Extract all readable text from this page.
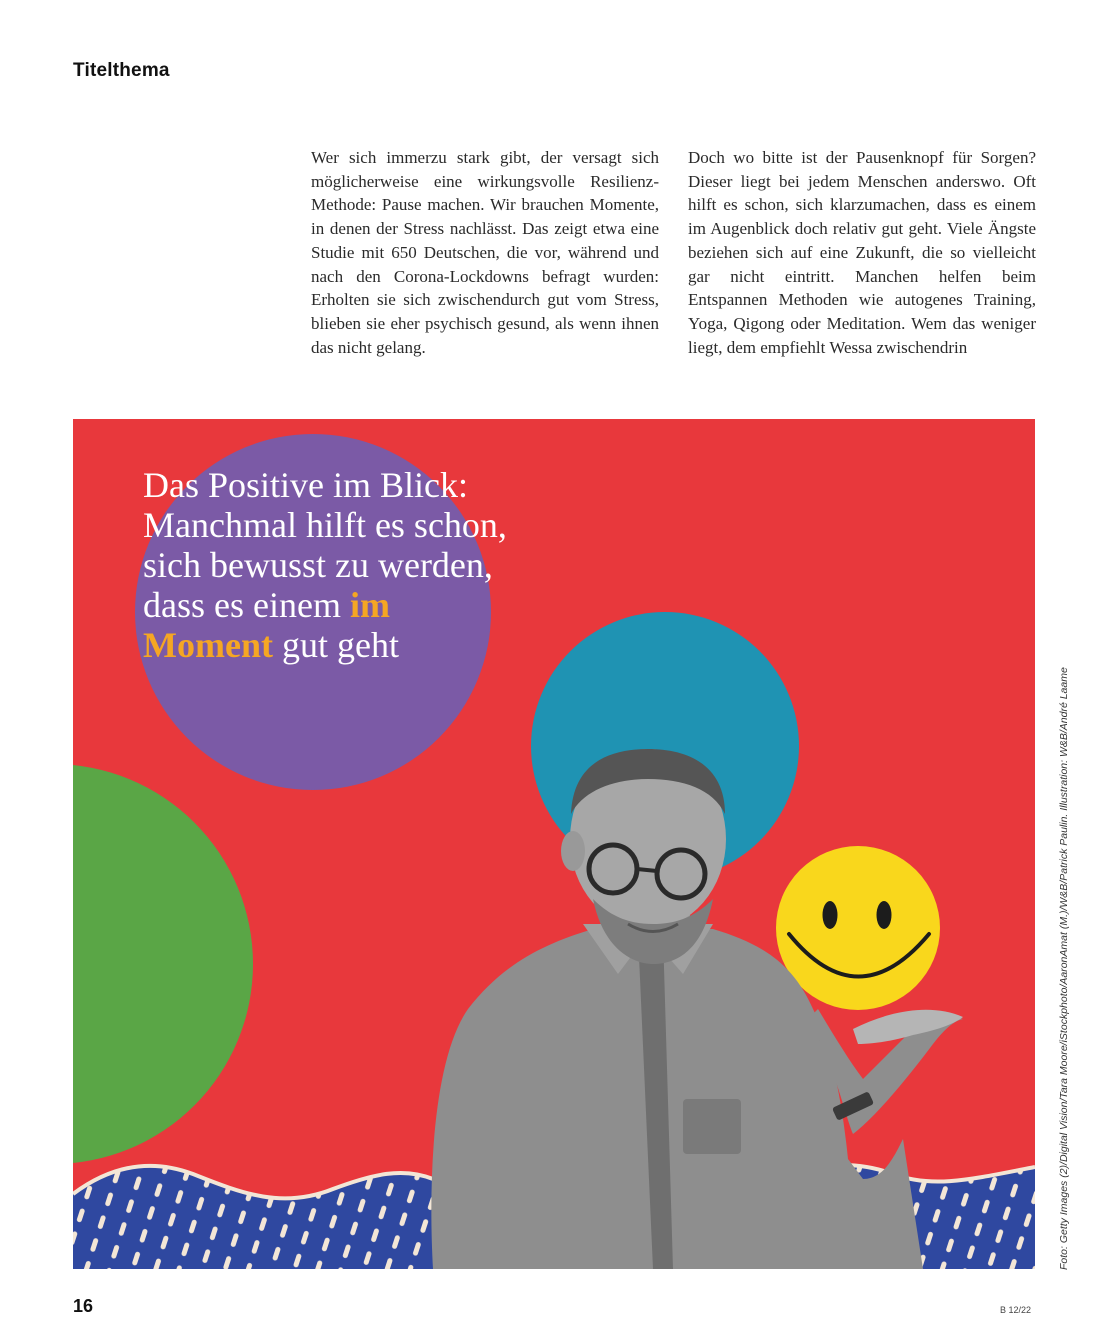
Titelthema

Wer sich immerzu stark gibt, der versagt sich möglicherweise eine wirkungsvolle Resilienz-Methode: Pause machen. Wir brauchen Momente, in denen der Stress nachlässt. Das zeigt etwa eine Studie mit 650 Deutschen, die vor, während und nach den Corona-Lockdowns befragt wurden: Erholten sie sich zwischendurch gut vom Stress, blieben sie eher psychisch gesund, als wenn ihnen das nicht gelang.

Doch wo bitte ist der Pausenknopf für Sorgen? Dieser liegt bei jedem Menschen anderswo. Oft hilft es schon, sich klarzumachen, dass es einem im Augenblick doch relativ gut geht. Viele Ängste beziehen sich auf eine Zukunft, die so vielleicht gar nicht eintritt. Manchen helfen beim Entspannen Methoden wie autogenes Training, Yoga, Qigong oder Meditation. Wem das weniger liegt, dem empfiehlt Wessa zwischendrin

Das Positive im Blick: Manchmal hilft es schon, sich bewusst zu werden, dass es einem im Moment gut geht
Foto: Getty Images (2)/Digital Vision/Tara Moore/iStockphoto/AaronAmat (M.)/W&B/Patrick Paulin. Illustration: W&B/André Laame
16	B 12/22
